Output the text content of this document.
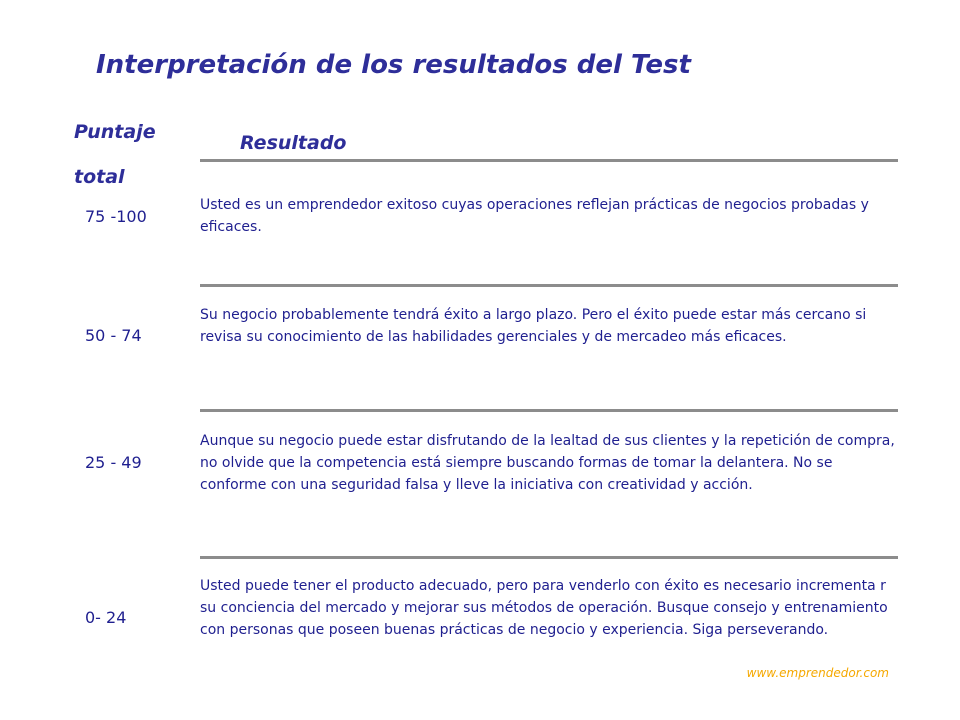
Interpretación de los resultados del Test
Puntaje
total
Resultado
75 -100
Usted es un emprendedor exitoso cuyas operaciones reflejan prácticas de negocios probadas y eficaces.
50 - 74
Su negocio probablemente tendrá éxito a largo plazo. Pero el éxito puede estar más cercano si revisa su conocimiento de las habilidades gerenciales y de mercadeo más eficaces.
25 - 49
Aunque su negocio puede estar disfrutando de la lealtad de sus clientes y la repetición de compra, no olvide que la competencia está siempre buscando formas de tomar la delantera. No se conforme con una seguridad falsa y lleve la iniciativa con creatividad y acción.
0- 24
Usted puede tener el producto adecuado, pero para venderlo con éxito es necesario incrementa r su conciencia del mercado y mejorar sus métodos de operación. Busque consejo y entrenamiento con personas que poseen buenas prácticas de negocio y experiencia. Siga perseverando.
www.emprendedor.com
